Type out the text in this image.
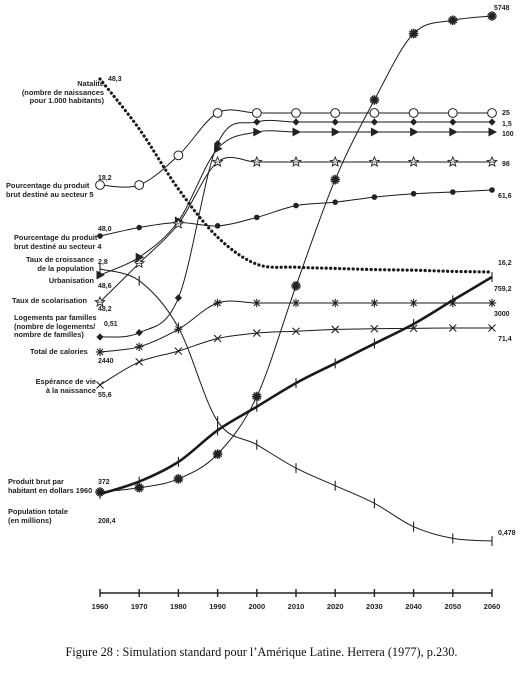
1960	1970	1980	1990	2000	2010	2020	2030	2040	2050	2060
Natalité
(nombre de naissances
pour 1.000 habitants)
48,3
16,2
Pourcentage du produit
brut destiné au secteur 5
18,2
25
Pourcentage du produit
brut destiné au secteur 4
48,0
61,6
Taux de croissance
de la population
2,8
0,478
Urbanisation
48,6
100
Taux de scolarisation
48,2
98
Logements par familles
(nombre de logements/
nombre de familles)
0,51
1,5
Total de calories
2440
3000
Espérance de vie
à la naissance
55,6
71,4
Produit brut par
habitant en dollars 1960
372
5748
Population totale
(en millions)	208,4
759,2
Figure 28 : Simulation standard pour l’Amérique Latine. Herrera (1977), p.230.
